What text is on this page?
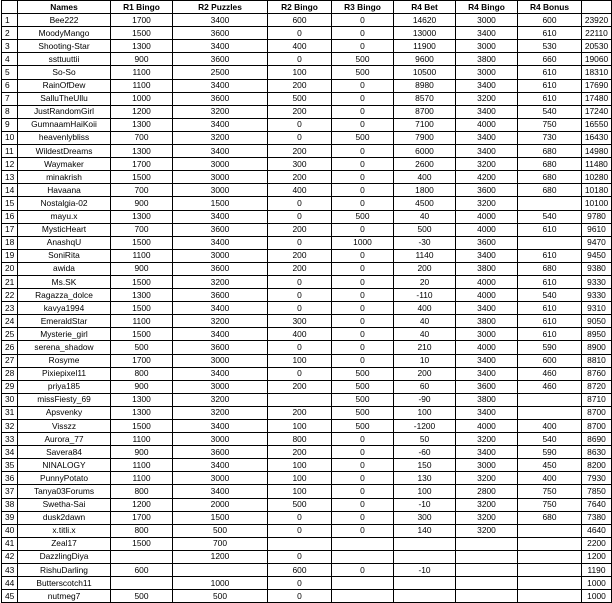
	Names	R1 Bingo	R2 Puzzles	R2 Bingo	R3 Bingo	R4 Bet	R4 Bingo	R4 Bonus	
1	Bee222	1700	3400	600	0	14620	3000	600	23920
2	MoodyMango	1500	3600	0	0	13000	3400	610	22110
3	Shooting-Star	1300	3400	400	0	11900	3000	530	20530
4	ssttuuttii	900	3600	0	500	9600	3800	660	19060
5	So-So	1100	2500	100	500	10500	3000	610	18310
6	RainOfDew	1100	3400	200	0	8980	3400	610	17690
7	SalluTheUllu	1000	3600	500	0	8570	3200	610	17480
8	JustRandomGirl	1200	3200	200	0	8700	3400	540	17240
9	GumnaamHaiKoii	1300	3400	0	0	7100	4000	750	16550
10	heavenlybliss	700	3200	0	500	7900	3400	730	16430
11	WildestDreams	1300	3400	200	0	6000	3400	680	14980
12	Waymaker	1700	3000	300	0	2600	3200	680	11480
13	minakrish	1500	3000	200	0	400	4200	680	10280
14	Havaana	700	3000	400	0	1800	3600	680	10180
15	Nostalgia-02	900	1500	0	0	4500	3200		10100
16	mayu.x	1300	3400	0	500	40	4000	540	9780
17	MysticHeart	700	3600	200	0	500	4000	610	9610
18	AnashqU	1500	3400	0	1000	-30	3600		9470
19	SoniRita	1100	3000	200	0	1140	3400	610	9450
20	awida	900	3600	200	0	200	3800	680	9380
21	Ms.SK	1500	3200	0	0	20	4000	610	9330
22	Ragazza_dolce	1300	3600	0	0	-110	4000	540	9330
23	kavya1994	1500	3400	0	0	400	3400	610	9310
24	EmeraldStar	1100	3200	300	0	40	3800	610	9050
25	Mysterie_girl	1500	3400	400	0	40	3000	610	8950
26	serena_shadow	500	3600	0	0	210	4000	590	8900
27	Rosyme	1700	3000	100	0	10	3400	600	8810
28	Pixiepixel11	800	3400	0	500	200	3400	460	8760
29	priya185	900	3000	200	500	60	3600	460	8720
30	missFiesty_69	1300	3200		500	-90	3800		8710
31	Apsvenky	1300	3200	200	500	100	3400		8700
32	Visszz	1500	3400	100	500	-1200	4000	400	8700
33	Aurora_77	1100	3000	800	0	50	3200	540	8690
34	Savera84	900	3600	200	0	-60	3400	590	8630
35	NINALOGY	1100	3400	100	0	150	3000	450	8200
36	PunnyPotato	1100	3000	100	0	130	3200	400	7930
37	Tanya03Forums	800	3400	100	0	100	2800	750	7850
38	Swetha-Sai	1200	2000	500	0	-10	3200	750	7640
39	dusk2dawn	1700	1500	0	0	300	3200	680	7380
40	x.titli.x	800	500	0	0	140	3200		4640
41	Zeal17	1500	700						2200
42	DazzlingDiya		1200	0					1200
43	RishuDarling	600		600	0	-10			1190
44	Butterscotch11		1000	0					1000
45	nutmeg7	500	500	0					1000
